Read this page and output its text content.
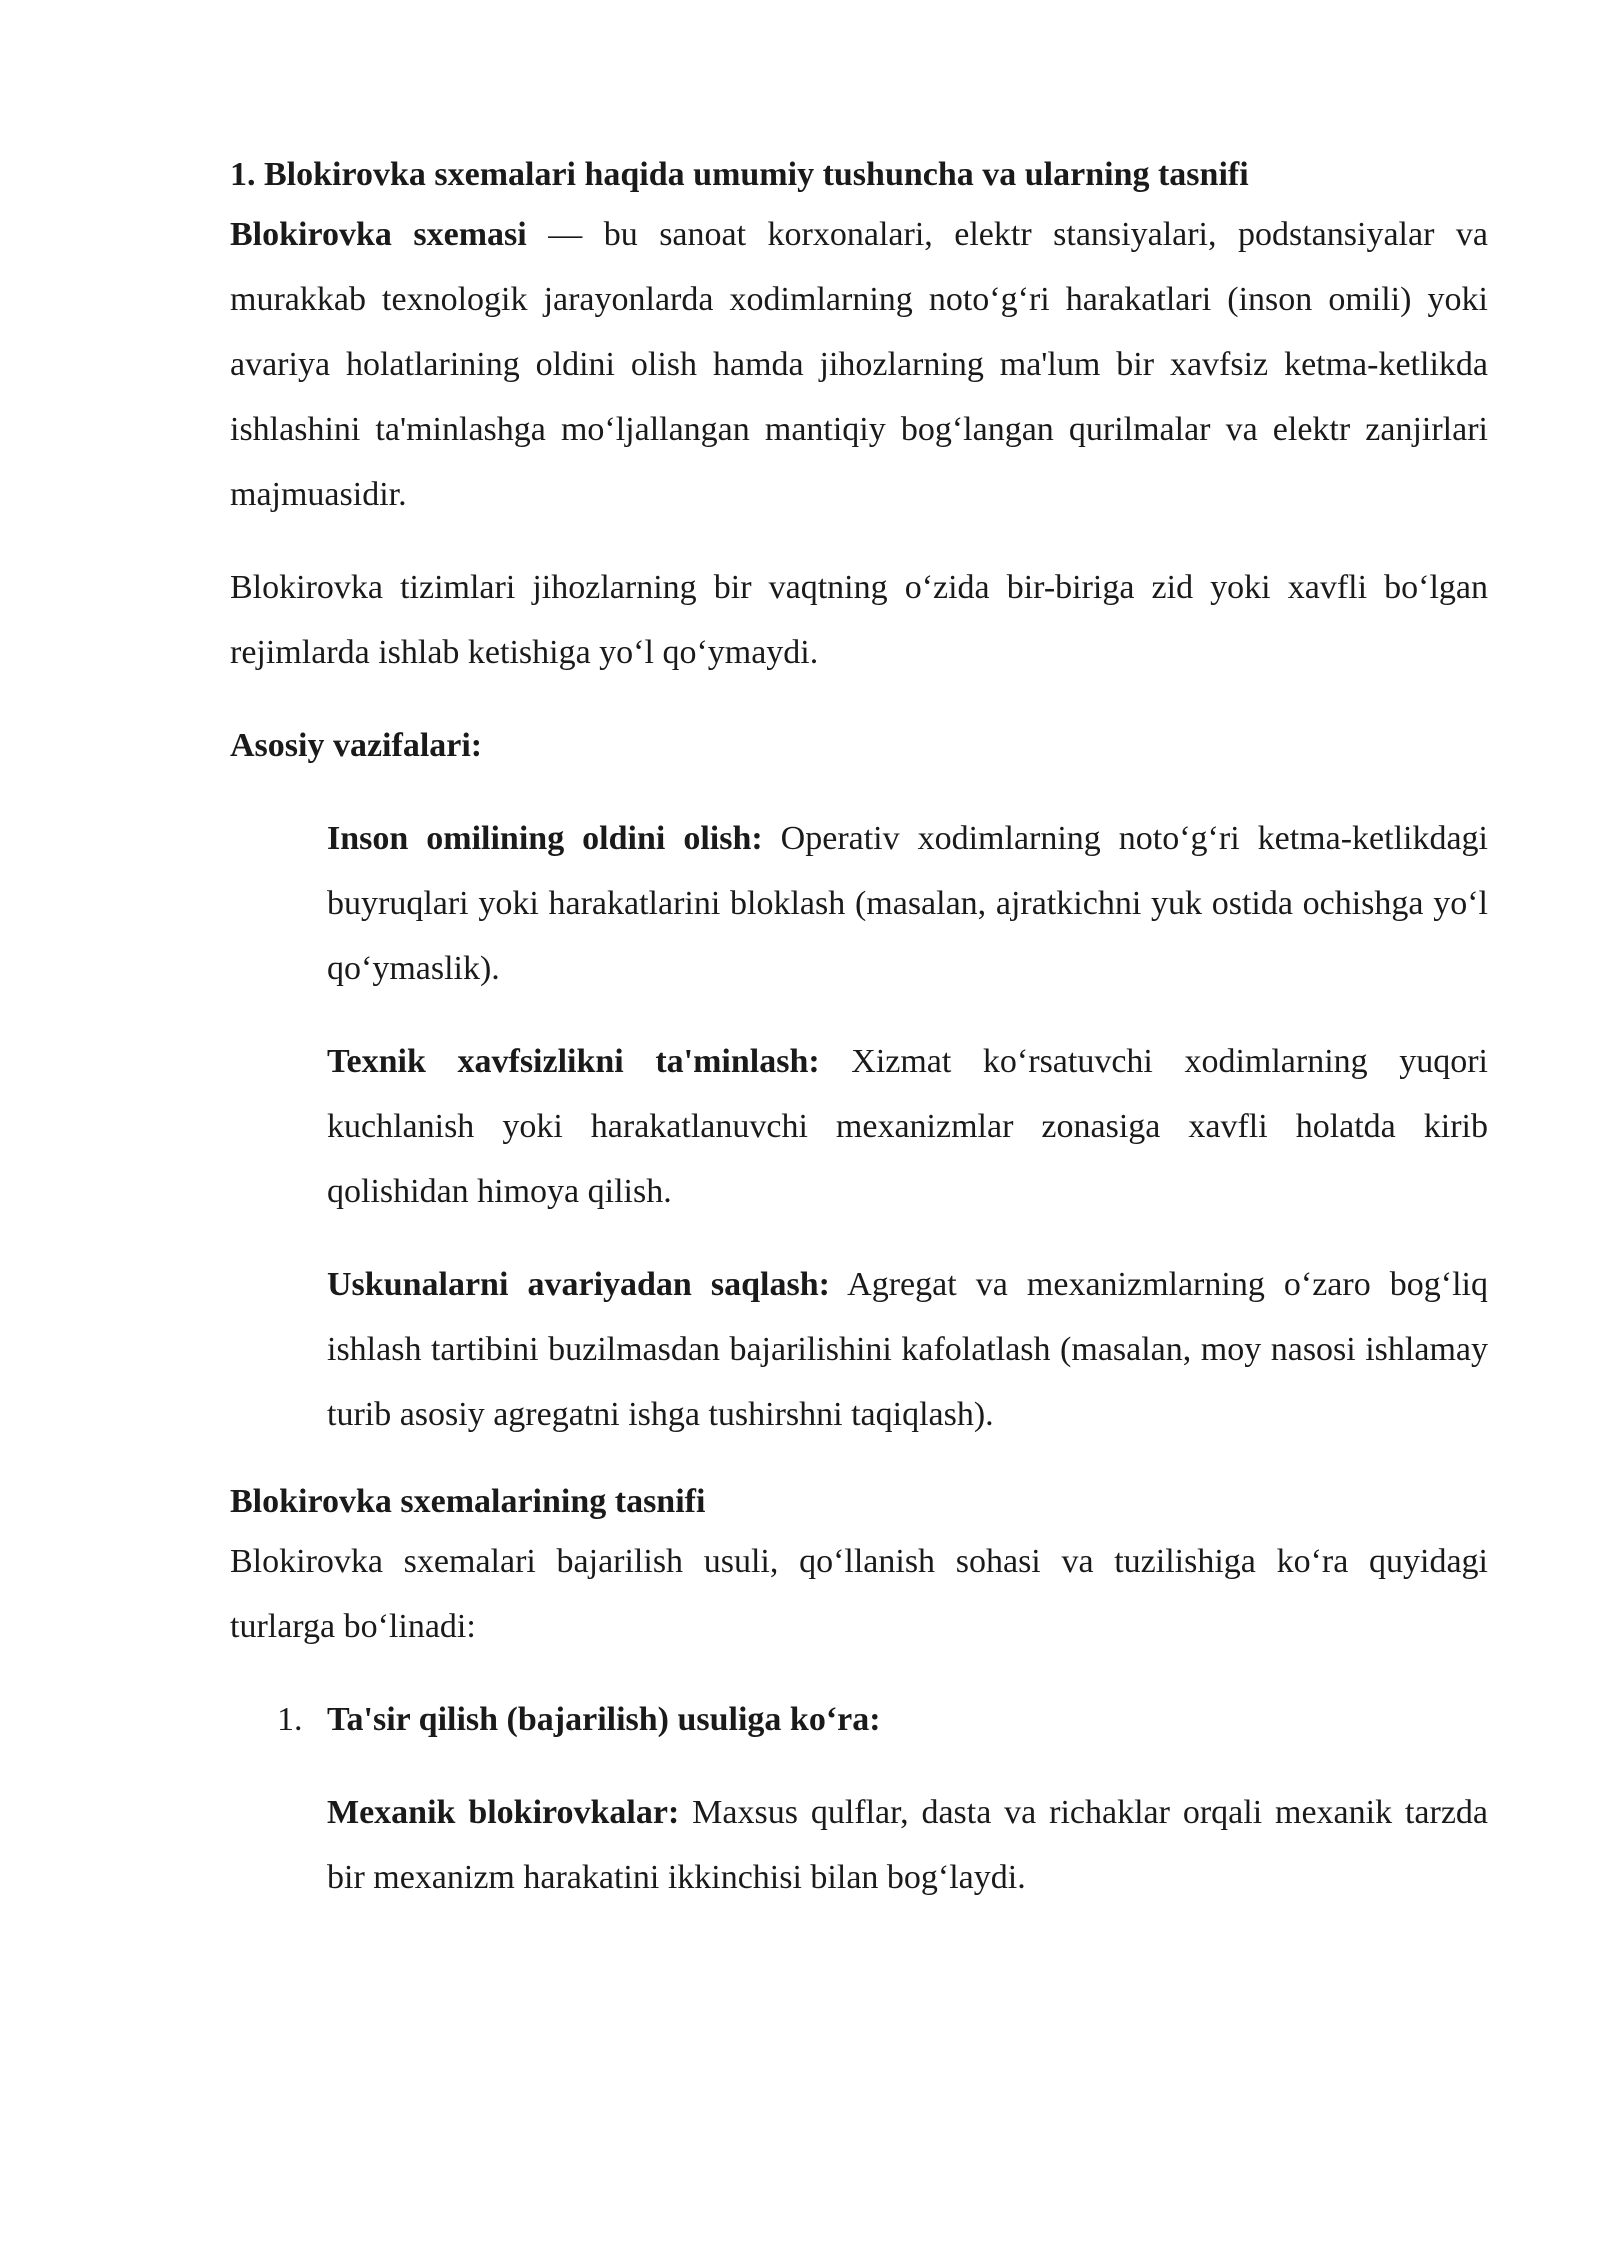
1. Blokirovka sxemalari haqida umumiy tushuncha va ularning tasnifi

Blokirovka sxemasi — bu sanoat korxonalari, elektr stansiyalari, podstansiyalar va murakkab texnologik jarayonlarda xodimlarning noto‘g‘ri harakatlari (inson omili) yoki avariya holatlarining oldini olish hamda jihozlarning ma'lum bir xavfsiz ketma-ketlikda ishlashini ta'minlashga mo‘ljallangan mantiqiy bog‘langan qurilmalar va elektr zanjirlari majmuasidir.

Blokirovka tizimlari jihozlarning bir vaqtning o‘zida bir-biriga zid yoki xavfli bo‘lgan rejimlarda ishlab ketishiga yo‘l qo‘ymaydi.

Asosiy vazifalari:

Inson omilining oldini olish: Operativ xodimlarning noto‘g‘ri ketma-ketlikdagi buyruqlari yoki harakatlarini bloklash (masalan, ajratkichni yuk ostida ochishga yo‘l qo‘ymaslik).

Texnik xavfsizlikni ta'minlash: Xizmat ko‘rsatuvchi xodimlarning yuqori kuchlanish yoki harakatlanuvchi mexanizmlar zonasiga xavfli holatda kirib qolishidan himoya qilish.

Uskunalarni avariyadan saqlash: Agregat va mexanizmlarning o‘zaro bog‘liq ishlash tartibini buzilmasdan bajarilishini kafolatlash (masalan, moy nasosi ishlamay turib asosiy agregatni ishga tushirshni taqiqlash).

Blokirovka sxemalarining tasnifi

Blokirovka sxemalari bajarilish usuli, qo‘llanish sohasi va tuzilishiga ko‘ra quyidagi turlarga bo‘linadi:

1. Ta'sir qilish (bajarilish) usuliga ko‘ra:

Mexanik blokirovkalar: Maxsus qulflar, dasta va richaklar orqali mexanik tarzda bir mexanizm harakatini ikkinchisi bilan bog‘laydi.
